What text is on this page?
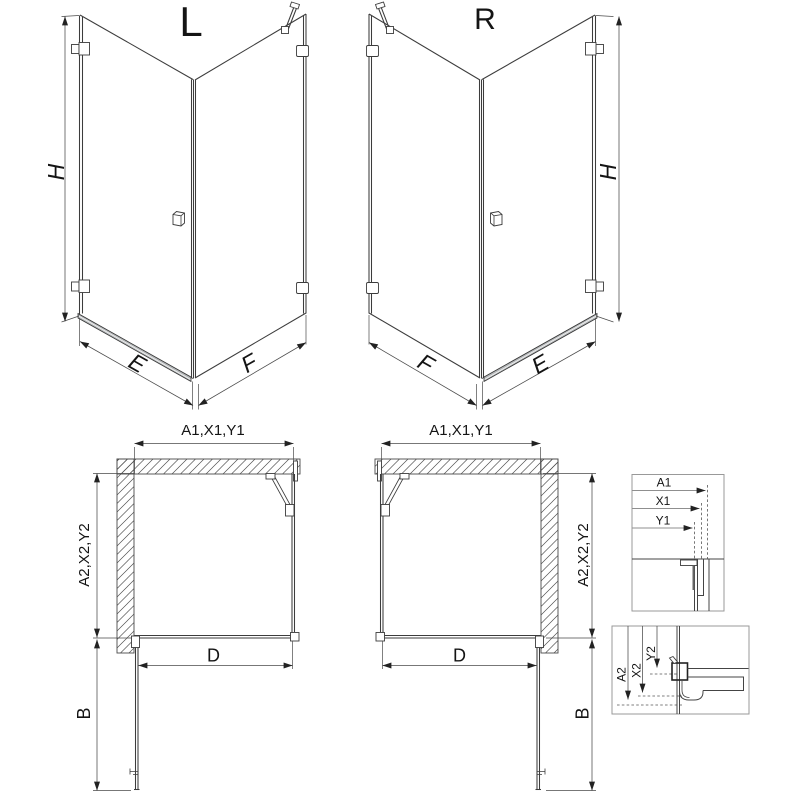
L
H
E	F
R
H
F	E
A1,X1,Y1
A2,X2,Y2
D
B
A1,X1,Y1
A2,X2,Y2
D
B
A1
X1
Y1
A2 X2
Y2
